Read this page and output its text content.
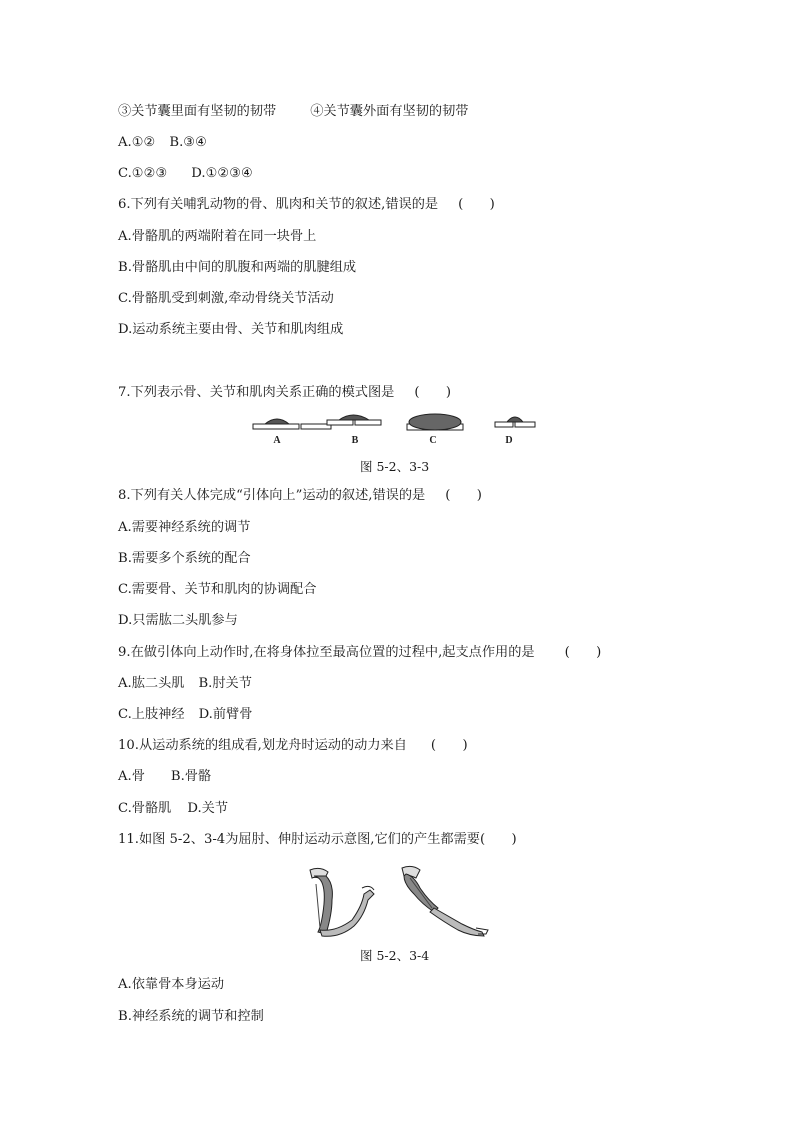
③关节囊里面有坚韧的韧带	④关节囊外面有坚韧的韧带
A.①② B.③④
C.①②③ D.①②③④
6.下列有关哺乳动物的骨、肌肉和关节的叙述,错误的是 (　　)
A.骨骼肌的两端附着在同一块骨上
B.骨骼肌由中间的肌腹和两端的肌腱组成
C.骨骼肌受到刺激,牵动骨绕关节活动
D.运动系统主要由骨、关节和肌肉组成
7.下列表示骨、关节和肌肉关系正确的模式图是 (　　)
A	B	C	D
图 5-2、3-3
8.下列有关人体完成“引体向上”运动的叙述,错误的是 (　　)
A.需要神经系统的调节
B.需要多个系统的配合
C.需要骨、关节和肌肉的协调配合
D.只需肱二头肌参与
9.在做引体向上动作时,在将身体拉至最高位置的过程中,起支点作用的是 (　　)
A.肱二头肌 B.肘关节
C.上肢神经 D.前臂骨
10.从运动系统的组成看,划龙舟时运动的动力来自 (　　)
A.骨 B.骨骼
C.骨骼肌 D.关节
11.如图 5-2、3-4为屈肘、伸肘运动示意图,它们的产生都需要(　　)
图 5-2、3-4
A.依靠骨本身运动
B.神经系统的调节和控制
